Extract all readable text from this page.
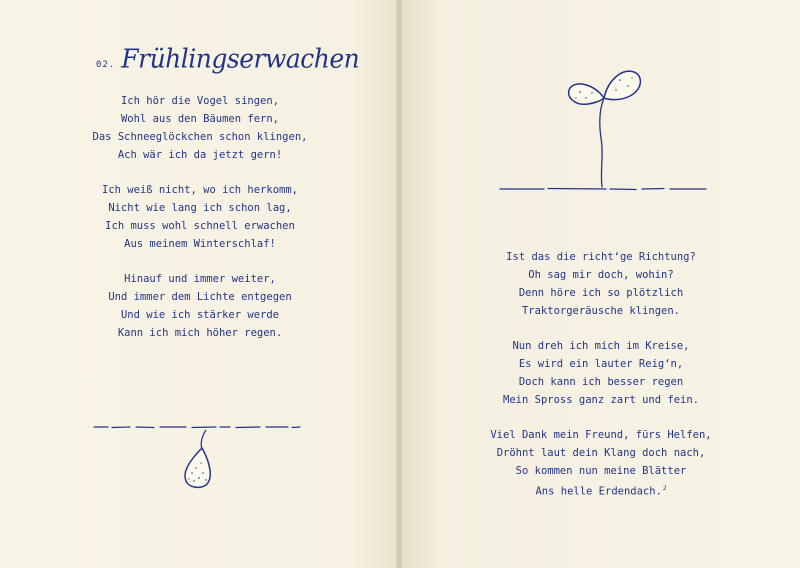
02. Frühlingserwachen
Ich hör die Vogel singen,
Wohl aus den Bäumen fern,
Das Schneeglöckchen schon klingen,
Ach wär ich da jetzt gern!
Ich weiß nicht, wo ich herkomm,
Nicht wie lang ich schon lag,
Ich muss wohl schnell erwachen
Aus meinem Winterschlaf!
Hinauf und immer weiter,
Und immer dem Lichte entgegen
Und wie ich stärker werde
Kann ich mich höher regen.
Ist das die richt‘ge Richtung?
Oh sag mir doch, wohin?
Denn höre ich so plötzlich
Traktorgeräusche klingen.
Nun dreh ich mich im Kreise,
Es wird ein lauter Reig‘n,
Doch kann ich besser regen
Mein Spross ganz zart und fein.
Viel Dank mein Freund, fürs Helfen,
Dröhnt laut dein Klang doch nach,
So kommen nun meine Blätter
Ans helle Erdendach.$^2$
